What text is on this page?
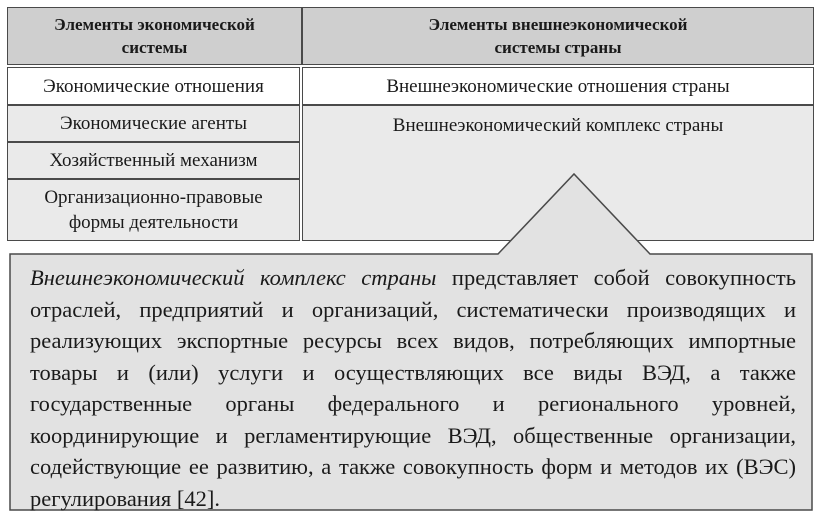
Элементы экономической системы
Элементы внешнеэкономической системы страны
Экономические отношения
Экономические агенты
Хозяйственный механизм
Организационно-правовые формы деятельности
Внешнеэкономические отношения страны
Внешнеэкономический комплекс страны
Внешнеэкономический комплекс страны представляет собой совокупность отраслей, предприятий и организаций, систематически производящих и реализующих экспортные ресурсы всех видов, потребляющих импортные товары и (или) услуги и осуществляющих все виды ВЭД, а также государственные органы федерального и регионального уровней, координирующие и регламентирующие ВЭД, общественные организации, содействующие ее развитию, а также совокупность форм и методов их (ВЭС) регулирования [42].
